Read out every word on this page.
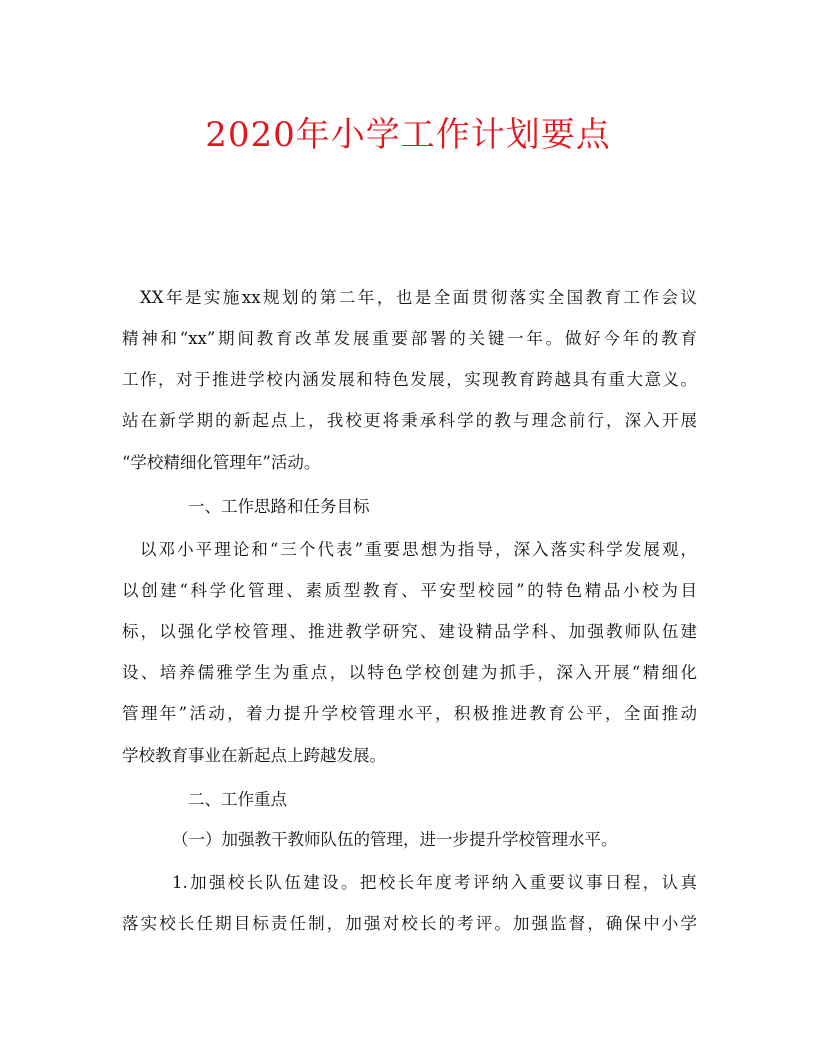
2020年小学工作计划要点
XX年是实施xx规划的第二年，也是全面贯彻落实全国教育工作会议
精神和“xx”期间教育改革发展重要部署的关键一年。做好今年的教育
工作，对于推进学校内涵发展和特色发展，实现教育跨越具有重大意义。
站在新学期的新起点上，我校更将秉承科学的教与理念前行，深入开展
“学校精细化管理年”活动。
一、工作思路和任务目标
以邓小平理论和“三个代表”重要思想为指导，深入落实科学发展观，
以创建“科学化管理、素质型教育、平安型校园”的特色精品小校为目
标，以强化学校管理、推进教学研究、建设精品学科、加强教师队伍建
设、培养儒雅学生为重点，以特色学校创建为抓手，深入开展“精细化
管理年”活动，着力提升学校管理水平，积极推进教育公平，全面推动
学校教育事业在新起点上跨越发展。
二、工作重点
（一）加强教干教师队伍的管理，进一步提升学校管理水平。
1.加强校长队伍建设。把校长年度考评纳入重要议事日程，认真
落实校长任期目标责任制，加强对校长的考评。加强监督，确保中小学
